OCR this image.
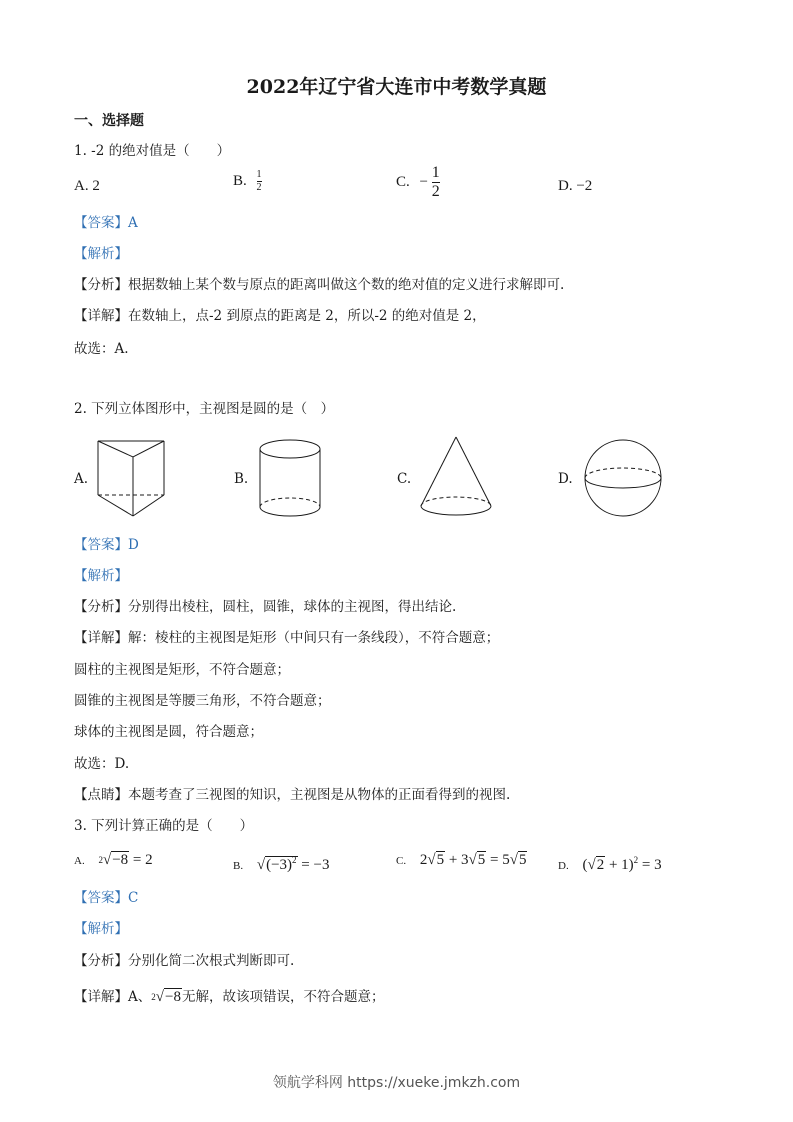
2022年辽宁省大连市中考数学真题
一、选择题
1. -2 的绝对值是（　　）
A. 2	B. $\frac{1}{2}$	C. − $\frac{1}{2}$	D. −2
【答案】A
【解析】
【分析】根据数轴上某个数与原点的距离叫做这个数的绝对值的定义进行求解即可.
【详解】在数轴上，点-2 到原点的距离是 2，所以-2 的绝对值是 2，
故选：A.
2. 下列立体图形中，主视图是圆的是（　）
A.	B.	C.	D.
【答案】D
【解析】
【分析】分别得出棱柱，圆柱，圆锥，球体的主视图，得出结论.
【详解】解：棱柱的主视图是矩形（中间只有一条线段），不符合题意；
圆柱的主视图是矩形，不符合题意；
圆锥的主视图是等腰三角形，不符合题意；
球体的主视图是圆，符合题意；
故选：D.
【点睛】本题考查了三视图的知识，主视图是从物体的正面看得到的视图.
3. 下列计算正确的是（　　）
A. $^2$√−8 = 2	B. $√(-3)^2 = -3$	C. 2√5 + 3√5 = 5√5	D. $(√2 + 1)^2 = 3$
【答案】C
【解析】
【分析】分别化简二次根式判断即可.
【详解】A、$^2$√−8无解，故该项错误，不符合题意；
领航学科网 https://xueke.jmkzh.com
